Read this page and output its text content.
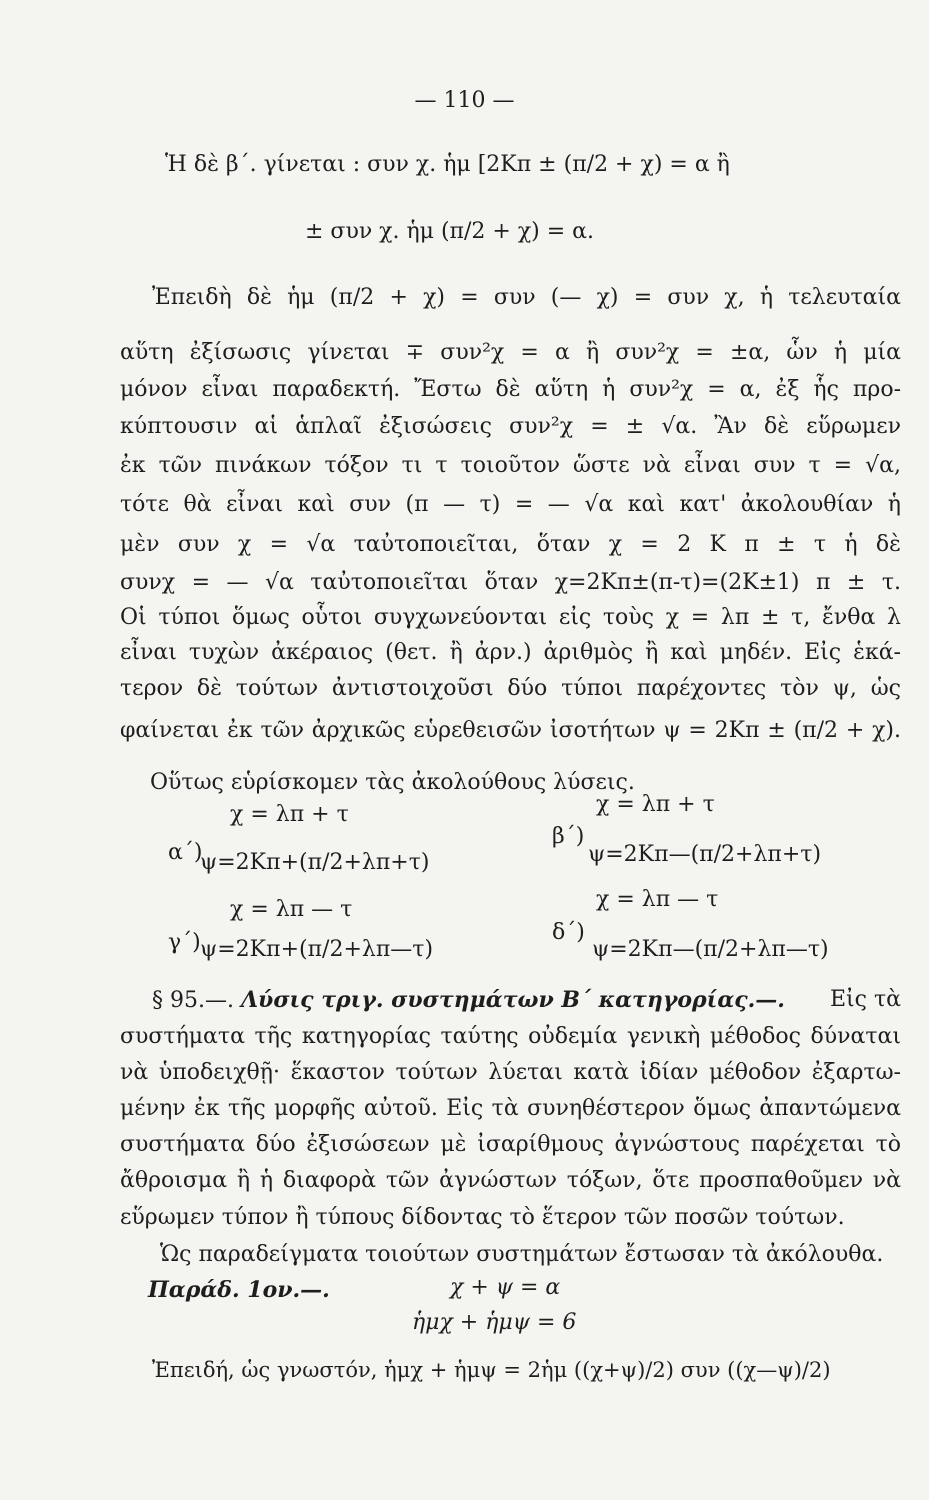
— 110 —
Ἡ δὲ β΄. γίνεται : συν χ. ἡμ [2Κπ ± (π/2 + χ) = α ἢ
± συν χ. ἡμ (π/2 + χ) = α.
Ἐπειδὴ δὲ ἡμ (π/2 + χ) = συν (— χ) = συν χ, ἡ τελευταία
αὕτη ἐξίσωσις γίνεται ∓ συν²χ = α ἢ συν²χ = ±α, ὧν ἡ μία
μόνον εἶναι παραδεκτή. Ἔστω δὲ αὕτη ἡ συν²χ = α, ἐξ ἧς προ-
κύπτουσιν αἱ ἁπλαῖ ἐξισώσεις συν²χ = ± √α. Ἂν δὲ εὕρωμεν
ἐκ τῶν πινάκων τόξον τι τ τοιοῦτον ὥστε νὰ εἶναι συν τ = √α,
τότε θὰ εἶναι καὶ συν (π — τ) = — √α καὶ κατ' ἀκολουθίαν ἡ
μὲν συν χ = √α ταὐτοποιεῖται, ὅταν χ = 2 Κ π ± τ ἡ δὲ
συνχ = — √α ταὐτοποιεῖται ὅταν χ=2Κπ±(π-τ)=(2Κ±1) π ± τ.
Οἱ τύποι ὅμως οὗτοι συγχωνεύονται εἰς τοὺς χ = λπ ± τ, ἔνθα λ
εἶναι τυχὼν ἀκέραιος (θετ. ἢ ἀρν.) ἀριθμὸς ἢ καὶ μηδέν. Εἰς ἑκά-
τερον δὲ τούτων ἀντιστοιχοῦσι δύο τύποι παρέχοντες τὸν ψ, ὡς
φαίνεται ἐκ τῶν ἀρχικῶς εὑρεθεισῶν ἰσοτήτων ψ = 2Κπ ± (π/2 + χ).
Οὕτως εὑρίσκομεν τὰς ἀκολούθους λύσεις.
α΄)
χ = λπ + τ
ψ=2Κπ+(π/2+λπ+τ)
β΄)
χ = λπ + τ
ψ=2Κπ—(π/2+λπ+τ)
γ΄)
χ = λπ — τ
ψ=2Κπ+(π/2+λπ—τ)
δ΄)
χ = λπ — τ
ψ=2Κπ—(π/2+λπ—τ)
§ 95.—. Λύσις τριγ. συστημάτων Β΄ κατηγορίας.—. Εἰς τὰ
συστήματα τῆς κατηγορίας ταύτης οὐδεμία γενικὴ μέθοδος δύναται
νὰ ὑποδειχθῇ· ἕκαστον τούτων λύεται κατὰ ἰδίαν μέθοδον ἐξαρτω-
μένην ἐκ τῆς μορφῆς αὐτοῦ. Εἰς τὰ συνηθέστερον ὅμως ἀπαντώμενα
συστήματα δύο ἐξισώσεων μὲ ἰσαρίθμους ἀγνώστους παρέχεται τὸ
ἄθροισμα ἢ ἡ διαφορὰ τῶν ἀγνώστων τόξων, ὅτε προσπαθοῦμεν νὰ
εὕρωμεν τύπον ἢ τύπους δίδοντας τὸ ἕτερον τῶν ποσῶν τούτων.
Ὡς παραδείγματα τοιούτων συστημάτων ἔστωσαν τὰ ἀκόλουθα.
Παράδ. 1ον.—.	χ + ψ = α
ἡμχ + ἡμψ = 6
Ἐπειδή, ὡς γνωστόν, ἡμχ + ἡμψ = 2ἡμ ((χ+ψ)/2) συν ((χ—ψ)/2)
